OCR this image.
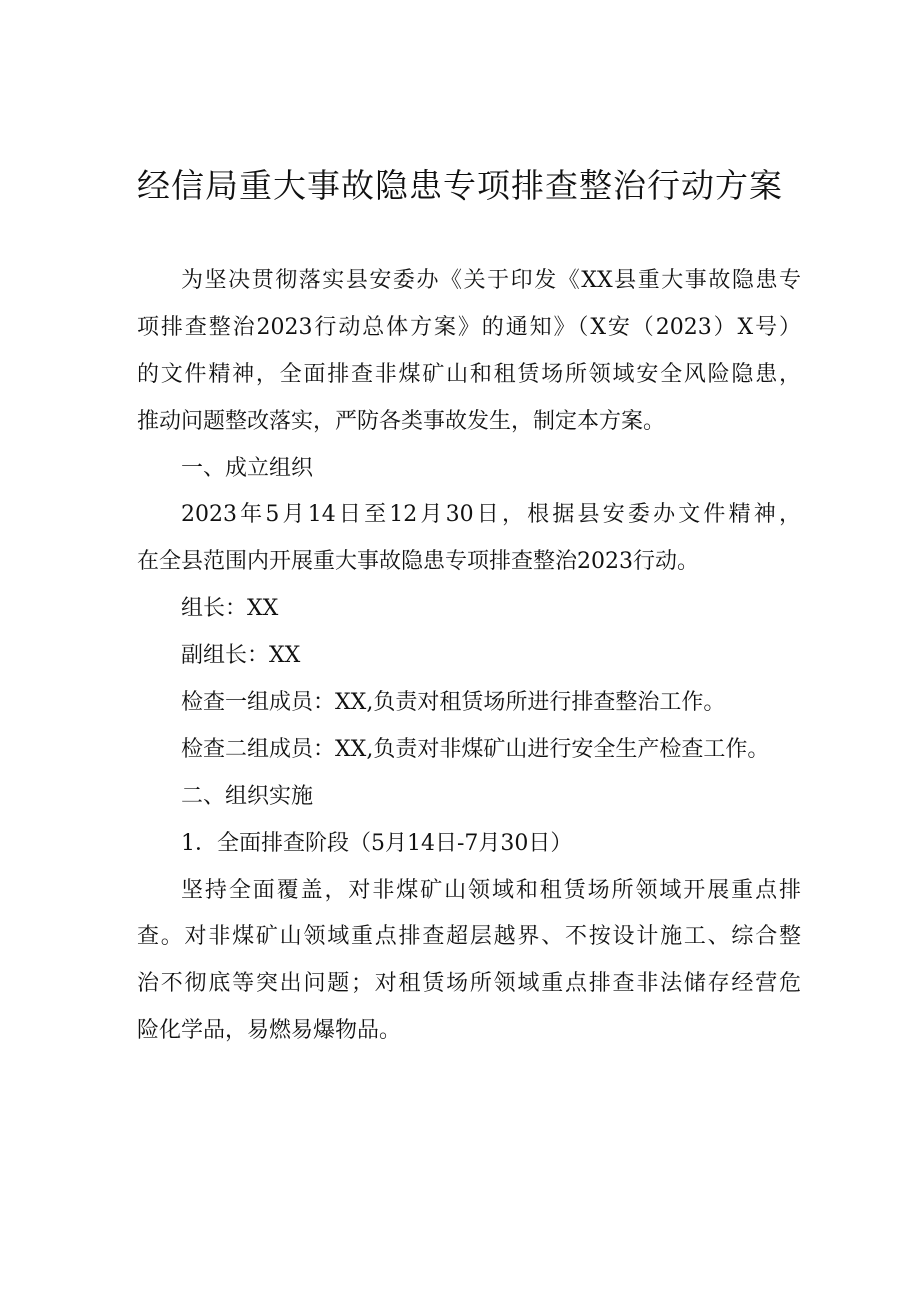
经信局重大事故隐患专项排查整治行动方案
为坚决贯彻落实县安委办《关于印发《XX县重大事故隐患专
项排查整治2023行动总体方案》的通知》（X安（2023）X号）
的文件精神，全面排查非煤矿山和租赁场所领域安全风险隐患，
推动问题整改落实，严防各类事故发生，制定本方案。
一、成立组织
2023年5月14日至12月30日，根据县安委办文件精神，
在全县范围内开展重大事故隐患专项排查整治2023行动。
组长：XX
副组长：XX
检查一组成员：XX,负责对租赁场所进行排查整治工作。
检查二组成员：XX,负责对非煤矿山进行安全生产检查工作。
二、组织实施
1．全面排查阶段（5月14日-7月30日）
坚持全面覆盖，对非煤矿山领域和租赁场所领域开展重点排
查。对非煤矿山领域重点排查超层越界、不按设计施工、综合整
治不彻底等突出问题；对租赁场所领域重点排查非法储存经营危
险化学品，易燃易爆物品。
